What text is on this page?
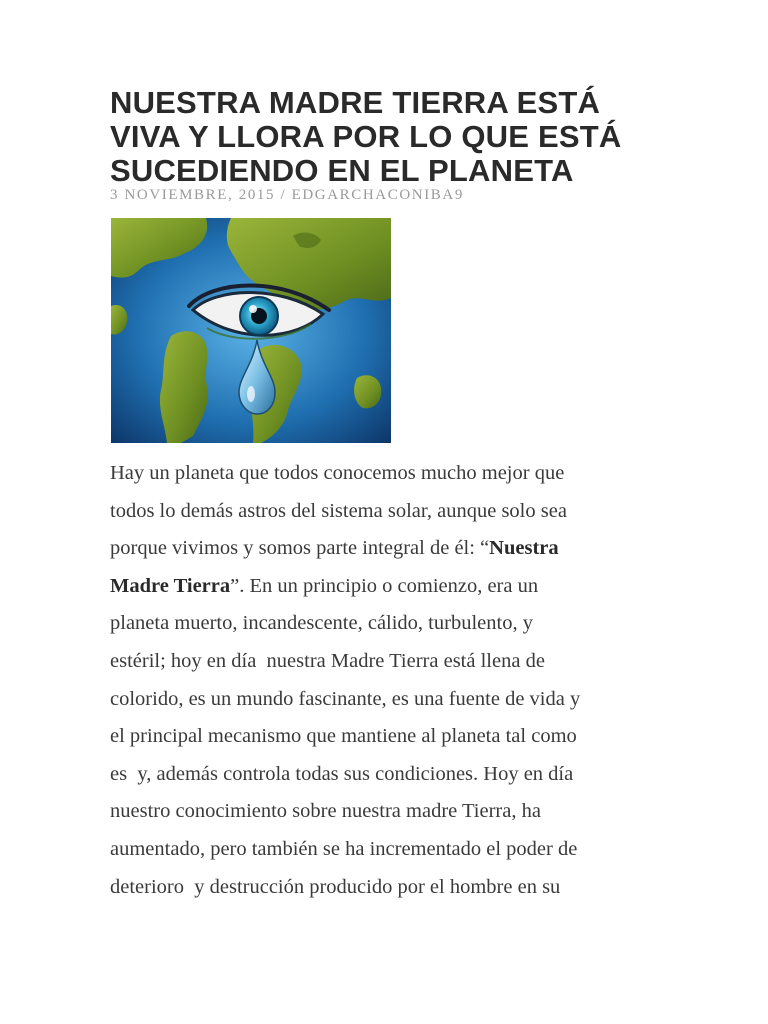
NUESTRA MADRE TIERRA ESTÁ
VIVA Y LLORA POR LO QUE ESTÁ
SUCEDIENDO EN EL PLANETA
3 NOVIEMBRE, 2015 / EDGARCHACONIBA9
Hay un planeta que todos conocemos mucho mejor que
todos lo demás astros del sistema solar, aunque solo sea
porque vivimos y somos parte integral de él: “Nuestra
Madre Tierra”. En un principio o comienzo, era un
planeta muerto, incandescente, cálido, turbulento, y
estéril; hoy en día  nuestra Madre Tierra está llena de
colorido, es un mundo fascinante, es una fuente de vida y
el principal mecanismo que mantiene al planeta tal como
es  y, además controla todas sus condiciones. Hoy en día
nuestro conocimiento sobre nuestra madre Tierra, ha
aumentado, pero también se ha incrementado el poder de
deterioro  y destrucción producido por el hombre en su
